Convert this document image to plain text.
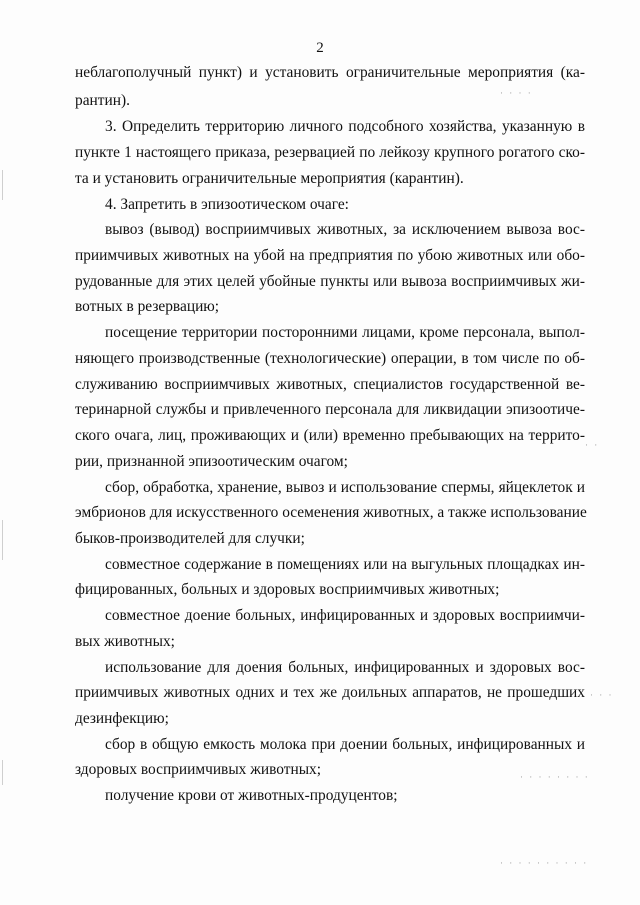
2
неблагополучный пункт) и установить ограничительные мероприятия (ка-
рантин).
3. Определить территорию личного подсобного хозяйства, указанную в
пункте 1 настоящего приказа, резервацией по лейкозу крупного рогатого ско-
та и установить ограничительные мероприятия (карантин).
4. Запретить в эпизоотическом очаге:
вывоз (вывод) восприимчивых животных, за исключением вывоза вос-
приимчивых животных на убой на предприятия по убою животных или обо-
рудованные для этих целей убойные пункты или вывоза восприимчивых жи-
вотных в резервацию;
посещение территории посторонними лицами, кроме персонала, выпол-
няющего производственные (технологические) операции, в том числе по об-
служиванию восприимчивых животных, специалистов государственной ве-
теринарной службы и привлеченного персонала для ликвидации эпизоотиче-
ского очага, лиц, проживающих и (или) временно пребывающих на террито-
рии, признанной эпизоотическим очагом;
сбор, обработка, хранение, вывоз и использование спермы, яйцеклеток и
эмбрионов для искусственного осеменения животных, а также использование
быков-производителей для случки;
совместное содержание в помещениях или на выгульных площадках ин-
фицированных, больных и здоровых восприимчивых животных;
совместное доение больных, инфицированных и здоровых восприимчи-
вых животных;
использование для доения больных, инфицированных и здоровых вос-
приимчивых животных одних и тех же доильных аппаратов, не прошедших
дезинфекцию;
сбор в общую емкость молока при доении больных, инфицированных и
здоровых восприимчивых животных;
получение крови от животных-продуцентов;
· · · ·
· ·
· · ·
· · · · · · · ·
· · · · · · · · · ·
